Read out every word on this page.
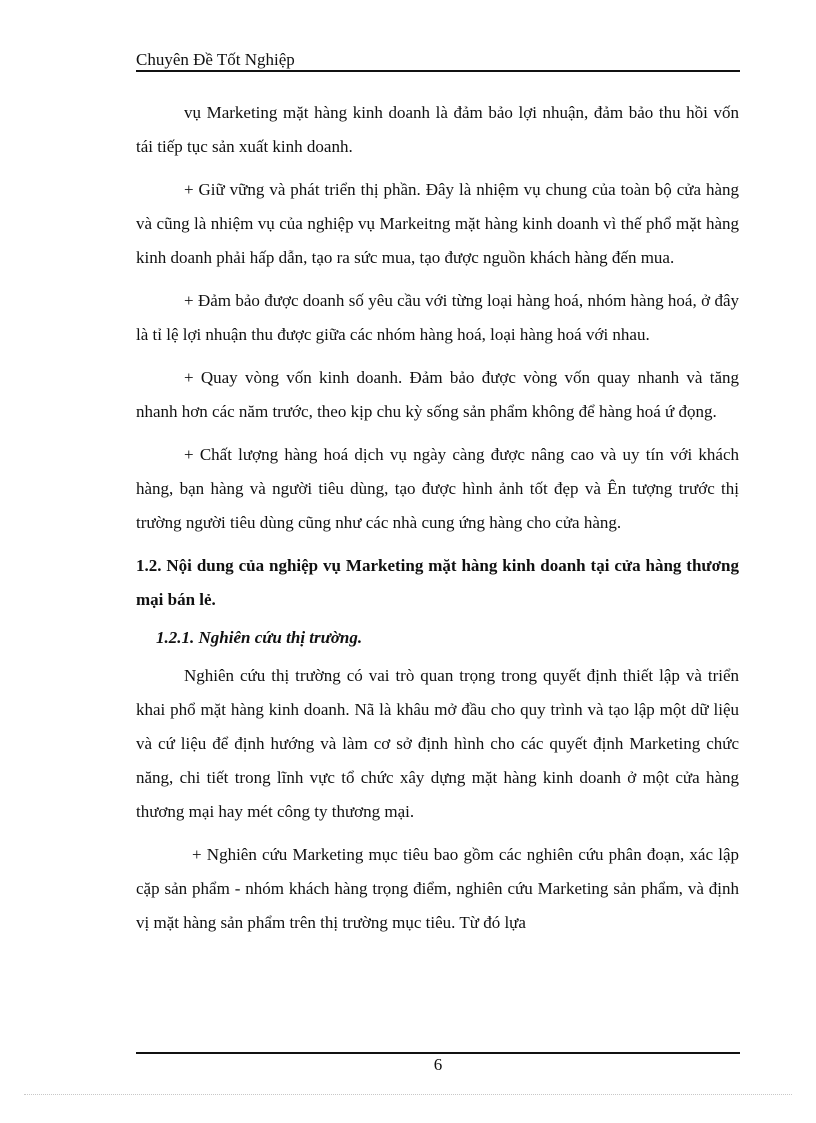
Chuyên Đề Tốt Nghiệp

vụ Marketing mặt hàng kinh doanh là đảm bảo lợi nhuận, đảm bảo thu hồi vốn tái tiếp tục sản xuất kinh doanh.

+ Giữ vững và phát triển thị phần. Đây là nhiệm vụ chung của toàn bộ cửa hàng và cũng là nhiệm vụ của nghiệp vụ Markeitng mặt hàng kinh doanh vì thế phổ mặt hàng kinh doanh phải hấp dẫn, tạo ra sức mua, tạo được nguồn khách hàng đến mua.

+ Đảm bảo được doanh số yêu cầu với từng loại hàng hoá, nhóm hàng hoá, ở đây là tỉ lệ lợi nhuận thu được giữa các nhóm hàng hoá, loại hàng hoá với nhau.

+ Quay vòng vốn kinh doanh. Đảm bảo được vòng vốn quay nhanh và tăng nhanh hơn các năm trước, theo kịp chu kỳ sống sản phẩm không để hàng hoá ứ đọng.

+ Chất lượng hàng hoá dịch vụ ngày càng được nâng cao và uy tín với khách hàng, bạn hàng và người tiêu dùng, tạo được hình ảnh tốt đẹp và Ên tượng trước thị trường người tiêu dùng cũng như các nhà cung ứng hàng cho cửa hàng.

1.2. Nội dung của nghiệp vụ Marketing mặt hàng kinh doanh tại cửa hàng thương mại bán lẻ.
1.2.1. Nghiên cứu thị trường.

Nghiên cứu thị trường có vai trò quan trọng trong quyết định thiết lập và triển khai phổ mặt hàng kinh doanh. Nã là khâu mở đầu cho quy trình và tạo lập một dữ liệu và cứ liệu để định hướng và làm cơ sở định hình cho các quyết định Marketing chức năng, chi tiết trong lĩnh vực tổ chức xây dựng mặt hàng kinh doanh ở một cửa hàng thương mại hay mét công ty thương mại.

+ Nghiên cứu Marketing mục tiêu bao gồm các nghiên cứu phân đoạn, xác lập cặp sản phẩm - nhóm khách hàng trọng điểm, nghiên cứu Marketing sản phẩm, và định vị mặt hàng sản phẩm trên thị trường mục tiêu. Từ đó lựa

6
